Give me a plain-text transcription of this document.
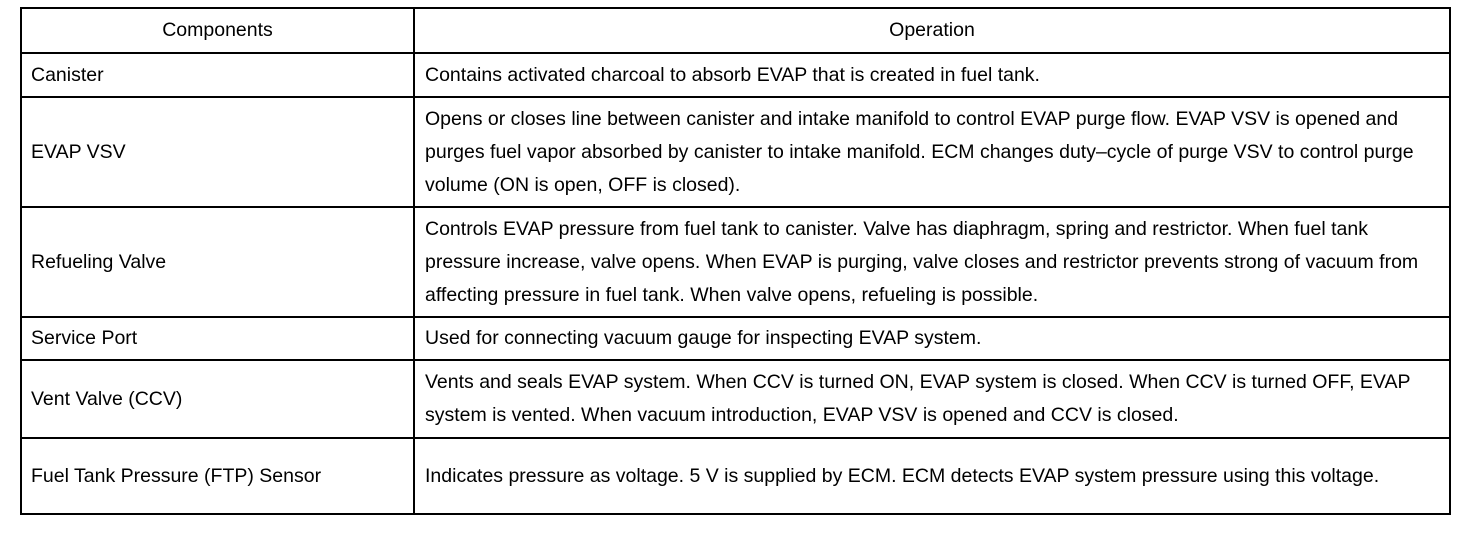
Components	Operation
Canister	Contains activated charcoal to absorb EVAP that is created in fuel tank.
EVAP VSV	Opens or closes line between canister and intake manifold to control EVAP purge flow. EVAP VSV is opened and purges fuel vapor absorbed by canister to intake manifold. ECM changes duty–cycle of purge VSV to control purge volume (ON is open, OFF is closed).
Refueling Valve	Controls EVAP pressure from fuel tank to canister. Valve has diaphragm, spring and restrictor. When fuel tank pressure increase, valve opens. When EVAP is purging, valve closes and restrictor prevents strong of vacuum from affecting pressure in fuel tank. When valve opens, refueling is possible.
Service Port	Used for connecting vacuum gauge for inspecting EVAP system.
Vent Valve (CCV)	Vents and seals EVAP system. When CCV is turned ON, EVAP system is closed. When CCV is turned OFF, EVAP system is vented. When vacuum introduction, EVAP VSV is opened and CCV is closed.
Fuel Tank Pressure (FTP) Sensor	Indicates pressure as voltage. 5 V is supplied by ECM. ECM detects EVAP system pressure using this voltage.
